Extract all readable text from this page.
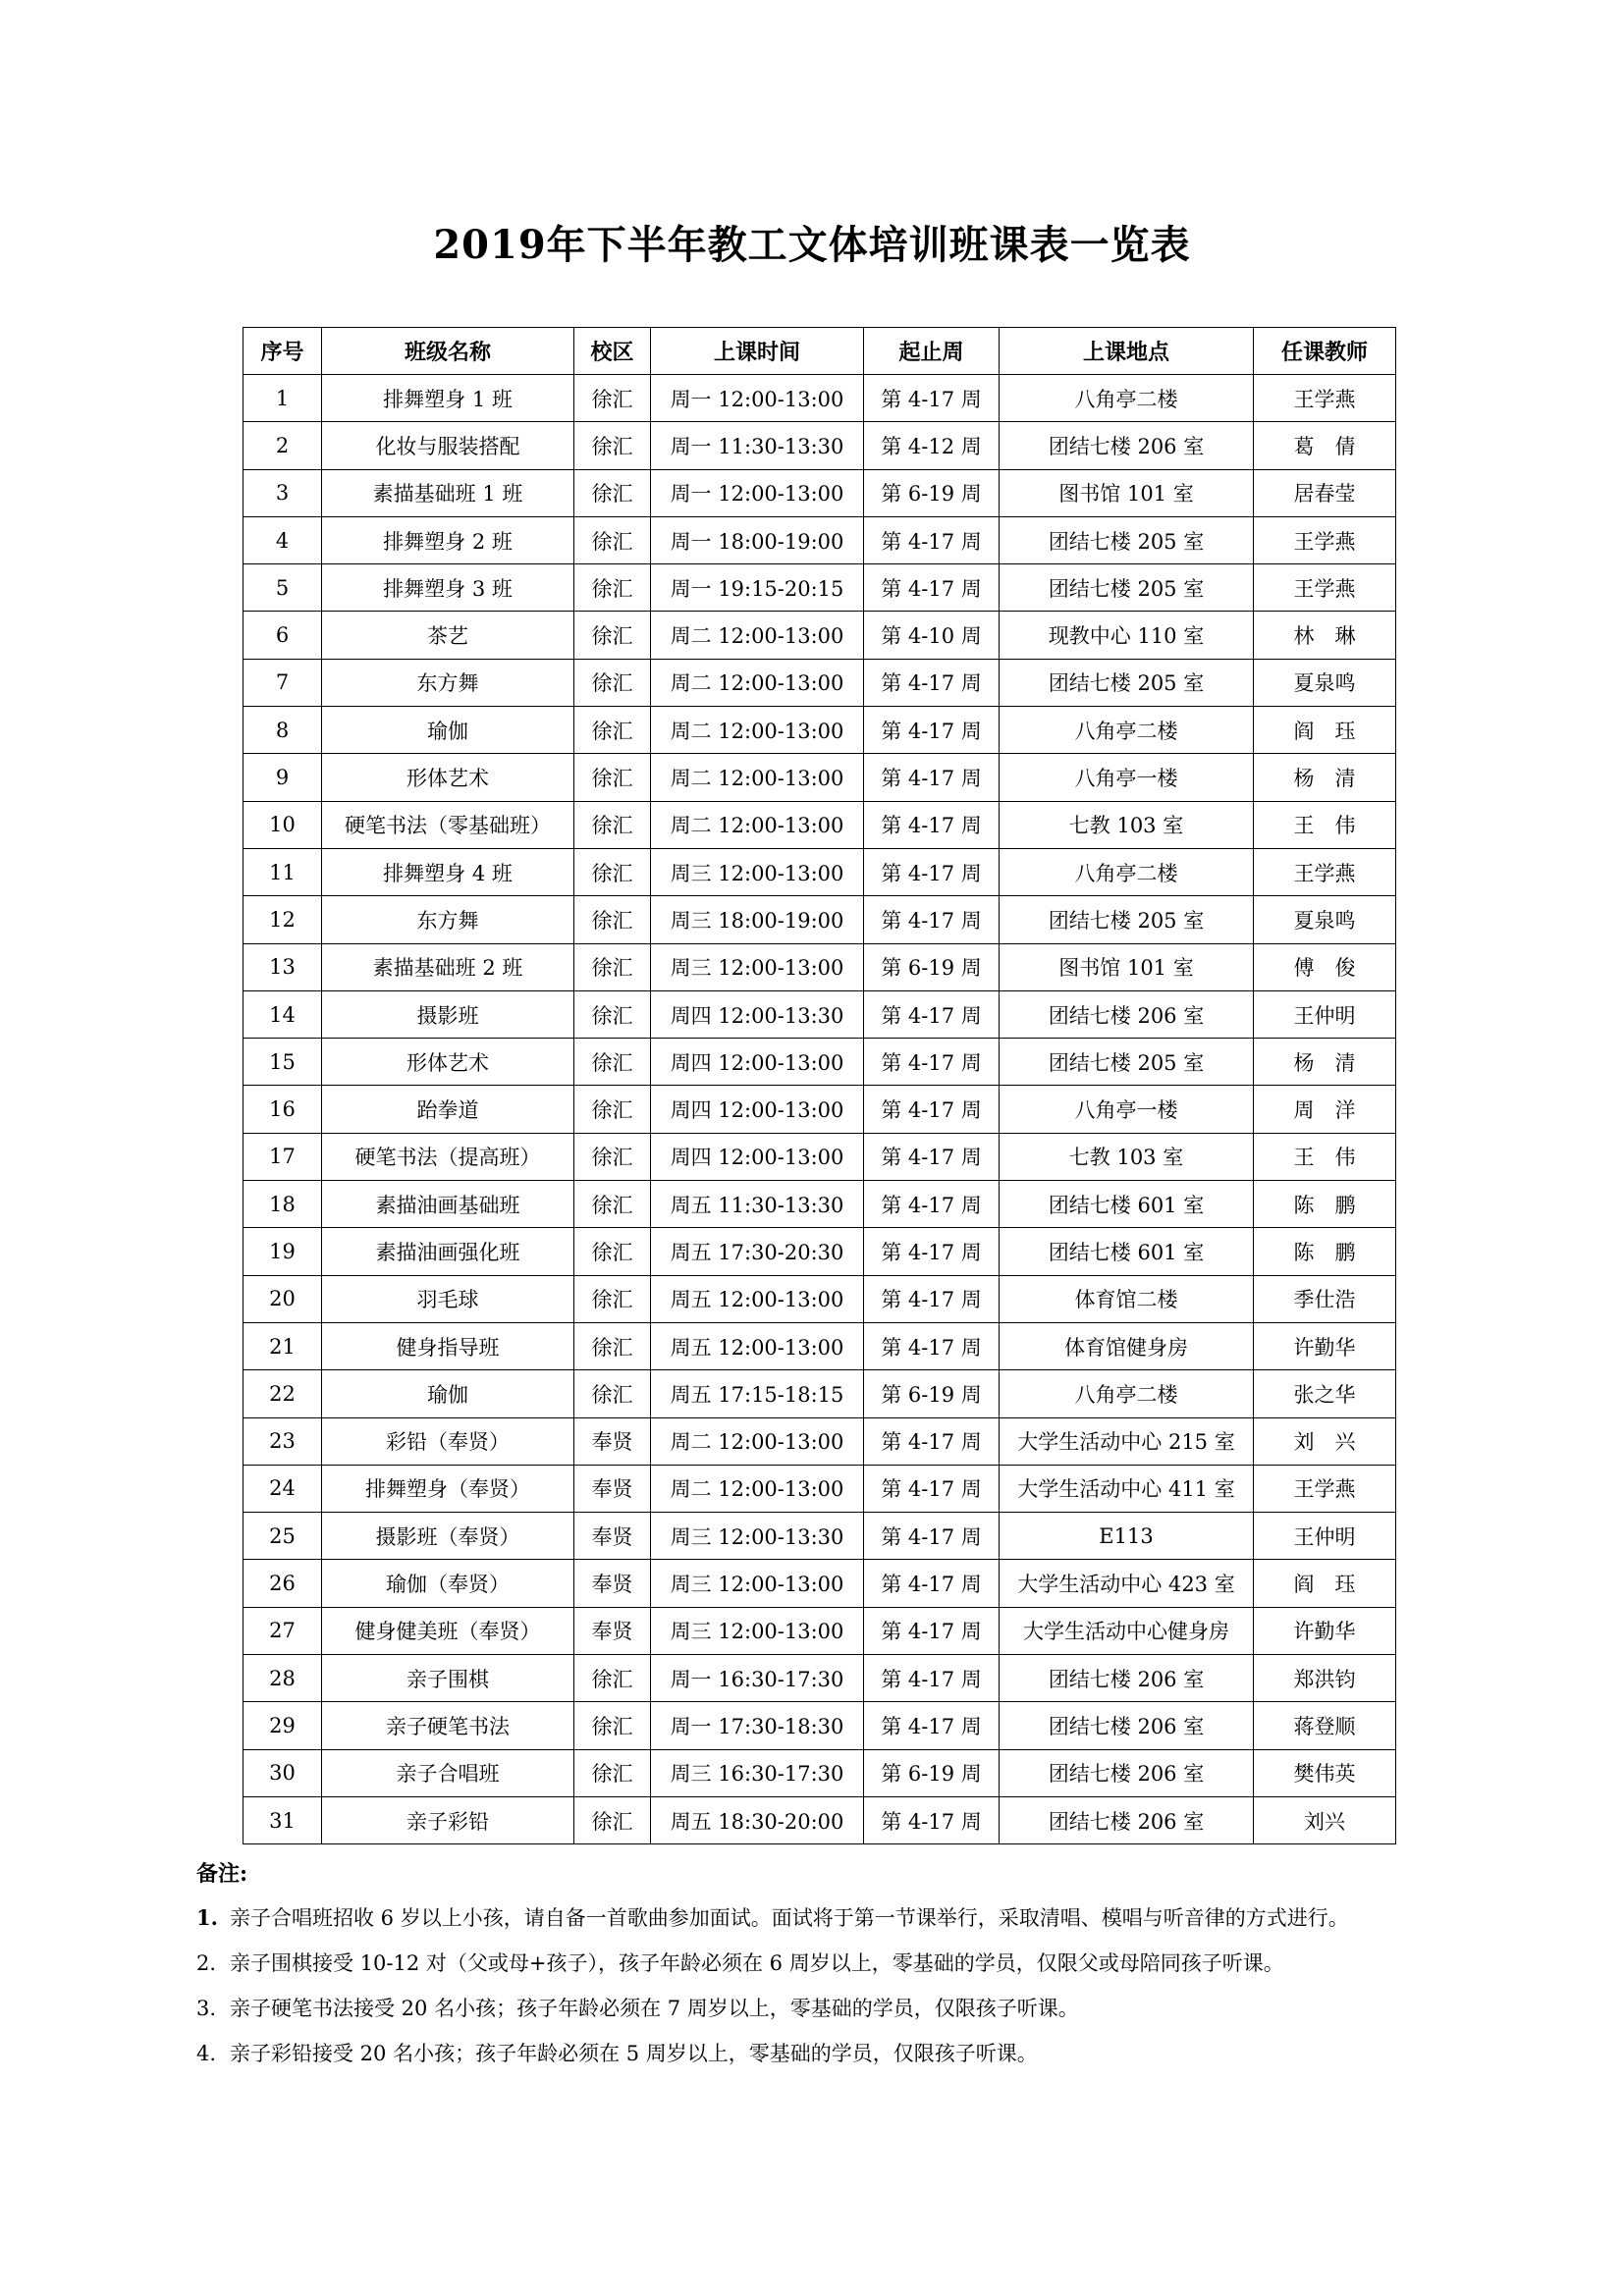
2019年下半年教工文体培训班课表一览表
序号	班级名称	校区	上课时间	起止周	上课地点	任课教师
1	排舞塑身 1 班	徐汇	周一 12:00-13:00	第 4-17 周	八角亭二楼	王学燕
2	化妆与服装搭配	徐汇	周一 11:30-13:30	第 4-12 周	团结七楼 206 室	葛　倩
3	素描基础班 1 班	徐汇	周一 12:00-13:00	第 6-19 周	图书馆 101 室	居春莹
4	排舞塑身 2 班	徐汇	周一 18:00-19:00	第 4-17 周	团结七楼 205 室	王学燕
5	排舞塑身 3 班	徐汇	周一 19:15-20:15	第 4-17 周	团结七楼 205 室	王学燕
6	茶艺	徐汇	周二 12:00-13:00	第 4-10 周	现教中心 110 室	林　琳
7	东方舞	徐汇	周二 12:00-13:00	第 4-17 周	团结七楼 205 室	夏泉鸣
8	瑜伽	徐汇	周二 12:00-13:00	第 4-17 周	八角亭二楼	阎　珏
9	形体艺术	徐汇	周二 12:00-13:00	第 4-17 周	八角亭一楼	杨　清
10	硬笔书法（零基础班）	徐汇	周二 12:00-13:00	第 4-17 周	七教 103 室	王　伟
11	排舞塑身 4 班	徐汇	周三 12:00-13:00	第 4-17 周	八角亭二楼	王学燕
12	东方舞	徐汇	周三 18:00-19:00	第 4-17 周	团结七楼 205 室	夏泉鸣
13	素描基础班 2 班	徐汇	周三 12:00-13:00	第 6-19 周	图书馆 101 室	傅　俊
14	摄影班	徐汇	周四 12:00-13:30	第 4-17 周	团结七楼 206 室	王仲明
15	形体艺术	徐汇	周四 12:00-13:00	第 4-17 周	团结七楼 205 室	杨　清
16	跆拳道	徐汇	周四 12:00-13:00	第 4-17 周	八角亭一楼	周　洋
17	硬笔书法（提高班）	徐汇	周四 12:00-13:00	第 4-17 周	七教 103 室	王　伟
18	素描油画基础班	徐汇	周五 11:30-13:30	第 4-17 周	团结七楼 601 室	陈　鹏
19	素描油画强化班	徐汇	周五 17:30-20:30	第 4-17 周	团结七楼 601 室	陈　鹏
20	羽毛球	徐汇	周五 12:00-13:00	第 4-17 周	体育馆二楼	季仕浩
21	健身指导班	徐汇	周五 12:00-13:00	第 4-17 周	体育馆健身房	许勤华
22	瑜伽	徐汇	周五 17:15-18:15	第 6-19 周	八角亭二楼	张之华
23	彩铅（奉贤）	奉贤	周二 12:00-13:00	第 4-17 周	大学生活动中心 215 室	刘　兴
24	排舞塑身（奉贤）	奉贤	周二 12:00-13:00	第 4-17 周	大学生活动中心 411 室	王学燕
25	摄影班（奉贤）	奉贤	周三 12:00-13:30	第 4-17 周	E113	王仲明
26	瑜伽（奉贤）	奉贤	周三 12:00-13:00	第 4-17 周	大学生活动中心 423 室	阎　珏
27	健身健美班（奉贤）	奉贤	周三 12:00-13:00	第 4-17 周	大学生活动中心健身房	许勤华
28	亲子围棋	徐汇	周一 16:30-17:30	第 4-17 周	团结七楼 206 室	郑洪钧
29	亲子硬笔书法	徐汇	周一 17:30-18:30	第 4-17 周	团结七楼 206 室	蒋登顺
30	亲子合唱班	徐汇	周三 16:30-17:30	第 6-19 周	团结七楼 206 室	樊伟英
31	亲子彩铅	徐汇	周五 18:30-20:00	第 4-17 周	团结七楼 206 室	刘兴
备注:
1. 亲子合唱班招收 6 岁以上小孩，请自备一首歌曲参加面试。面试将于第一节课举行，采取清唱、模唱与听音律的方式进行。
2. 亲子围棋接受 10-12 对（父或母+孩子），孩子年龄必须在 6 周岁以上，零基础的学员，仅限父或母陪同孩子听课。
3. 亲子硬笔书法接受 20 名小孩；孩子年龄必须在 7 周岁以上，零基础的学员，仅限孩子听课。
4. 亲子彩铅接受 20 名小孩；孩子年龄必须在 5 周岁以上，零基础的学员，仅限孩子听课。
